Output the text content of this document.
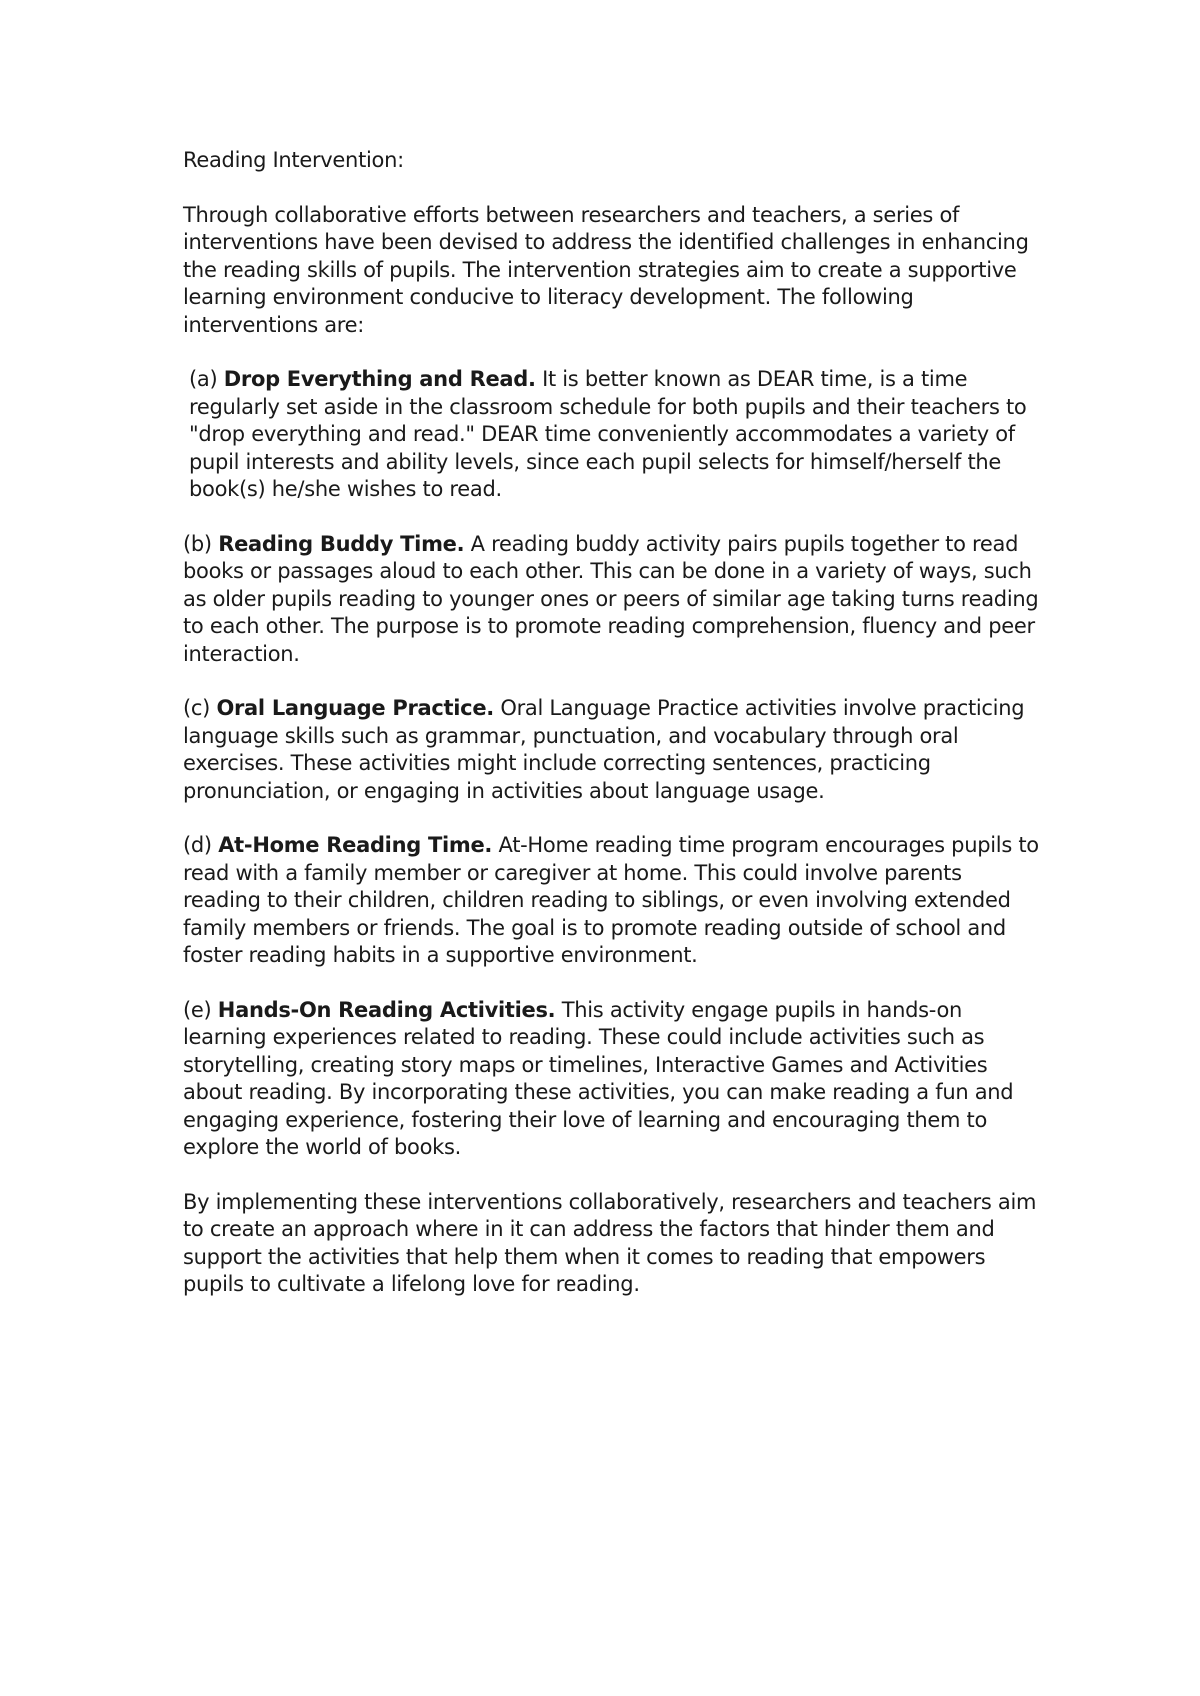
Reading Intervention:

Through collaborative efforts between researchers and teachers, a series of interventions have been devised to address the identified challenges in enhancing the reading skills of pupils. The intervention strategies aim to create a supportive learning environment conducive to literacy development. The following interventions are:

(a) Drop Everything and Read. It is better known as DEAR time, is a time regularly set aside in the classroom schedule for both pupils and their teachers to "drop everything and read." DEAR time conveniently accommodates a variety of pupil interests and ability levels, since each pupil selects for himself/herself the book(s) he/she wishes to read.

(b) Reading Buddy Time. A reading buddy activity pairs pupils together to read books or passages aloud to each other. This can be done in a variety of ways, such as older pupils reading to younger ones or peers of similar age taking turns reading to each other. The purpose is to promote reading comprehension, fluency and peer interaction.

(c) Oral Language Practice. Oral Language Practice activities involve practicing language skills such as grammar, punctuation, and vocabulary through oral exercises. These activities might include correcting sentences, practicing pronunciation, or engaging in activities about language usage.

(d) At-Home Reading Time. At-Home reading time program encourages pupils to read with a family member or caregiver at home. This could involve parents reading to their children, children reading to siblings, or even involving extended family members or friends. The goal is to promote reading outside of school and foster reading habits in a supportive environment.

(e) Hands-On Reading Activities. This activity engage pupils in hands-on learning experiences related to reading. These could include activities such as storytelling, creating story maps or timelines, Interactive Games and Activities about reading. By incorporating these activities, you can make reading a fun and engaging experience, fostering their love of learning and encouraging them to explore the world of books.

By implementing these interventions collaboratively, researchers and teachers aim to create an approach where in it can address the factors that hinder them and support the activities that help them when it comes to reading that empowers pupils to cultivate a lifelong love for reading.
